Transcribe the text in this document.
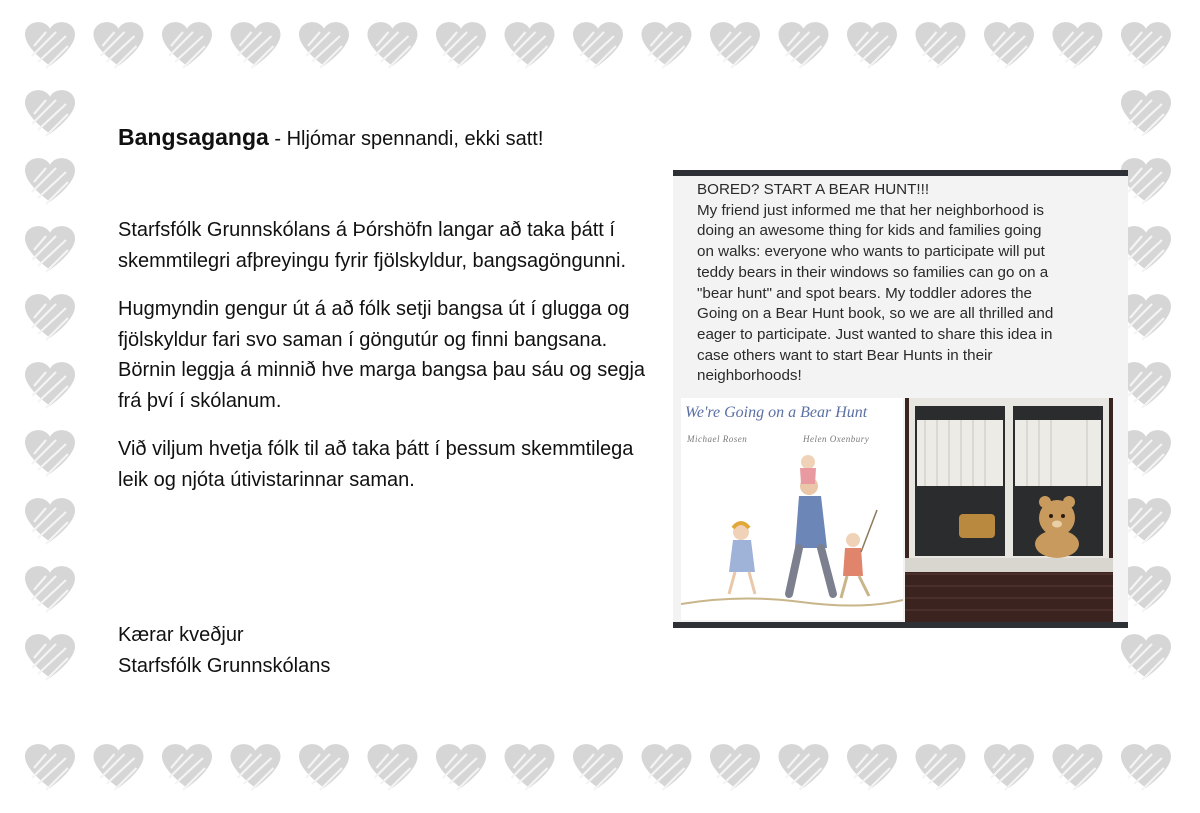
Bangsaganga - Hljómar spennandi, ekki satt!

Starfsfólk Grunnskólans á Þórshöfn langar að taka þátt í skemmtilegri afþreyingu fyrir fjölskyldur, bangsagöngunni.

Hugmyndin gengur út á að fólk setji bangsa út í glugga og fjölskyldur fari svo saman í göngutúr og finni bangsana. Börnin leggja á minnið hve marga bangsa þau sáu og segja frá því í skólanum.

Við viljum hvetja fólk til að taka þátt í þessum skemmtilega leik og njóta útivistarinnar saman.

Kærar kveðjur
Starfsfólk Grunnskólans
BORED? START A BEAR HUNT!!!
My friend just informed me that her neighborhood is
doing an awesome thing for kids and families going
on walks: everyone who wants to participate will put
teddy bears in their windows so families can go on a
"bear hunt" and spot bears. My toddler adores the
Going on a Bear Hunt book, so we are all thrilled and
eager to participate. Just wanted to share this idea in
case others want to start Bear Hunts in their
neighborhoods!
We're Going on a Bear Hunt
Michael Rosen	Helen Oxenbury
